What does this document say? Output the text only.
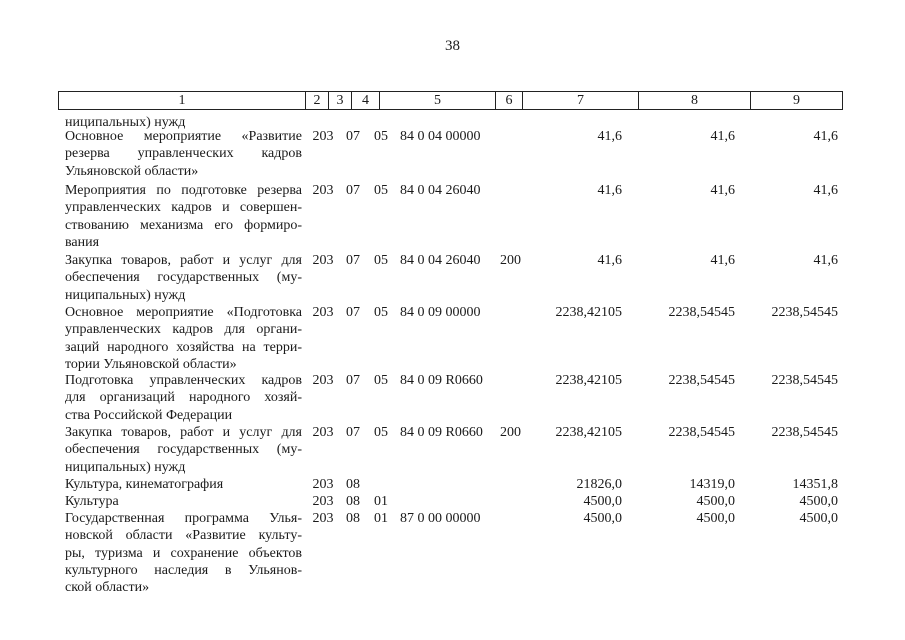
38
1	2	3	4	5	6	7	8	9
ниципальных) нужд
Основное мероприятие «Развитие
резерва управленческих кадров
Ульяновской области»
203 07	05 84 0 04 00000	41,6	41,6	41,6
Мероприятия по подготовке резерва
управленческих кадров и совершен-
ствованию механизма его формиро-
вания
203 07	05 84 0 04 26040	41,6	41,6	41,6
Закупка товаров, работ и услуг для
обеспечения государственных (му-
ниципальных) нужд
203 07	05 84 0 04 26040	200	41,6	41,6	41,6
Основное мероприятие «Подготовка
управленческих кадров для органи-
заций народного хозяйства на терри-
тории Ульяновской области»
203 07	05 84 0 09 00000	2238,42105	2238,54545	2238,54545
Подготовка управленческих кадров
для организаций народного хозяй-
ства Российской Федерации
203 07	05 84 0 09 R0660	2238,42105	2238,54545	2238,54545
Закупка товаров, работ и услуг для
обеспечения государственных (му-
ниципальных) нужд
203 07	05 84 0 09 R0660	200	2238,42105	2238,54545	2238,54545
Культура, кинематография	203 08	21826,0	14319,0	14351,8
Культура	203 08	01	4500,0	4500,0	4500,0
Государственная программа Улья-
новской области «Развитие культу-
ры, туризма и сохранение объектов
культурного наследия в Ульянов-
ской области»
203 08	01 87 0 00 00000	4500,0	4500,0	4500,0
